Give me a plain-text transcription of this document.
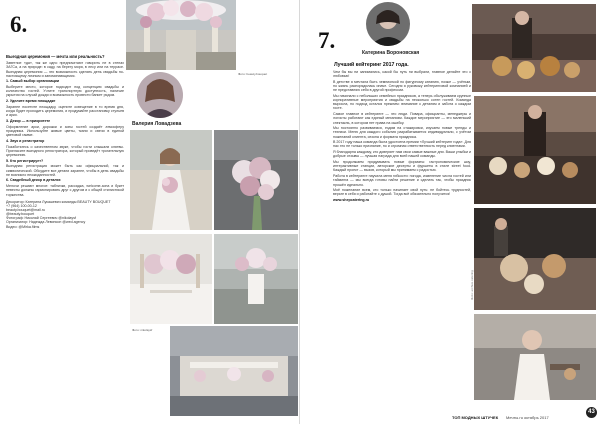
6.
Валерия Ловадзева

Выездная церемония — мечта или реальность?

Заветное «да», так же одно предпочитают говорить не в стенах ЗАГСа, а на природе: в саду, на берегу моря, в лесу или на террасе. Выездная церемония — это возможность сделать день свадьбы по-настоящему личным и запоминающимся.

1. Самый выбор организации

Выберите место, которое подходит под концепцию свадьбы и количество гостей. Учтите транспортную доступность, наличие укрытия на случай дождя и возможность провести банкет рядом.

2. Уделите время площадке

Заранее посетите площадку, оцените освещение в то время дня, когда будет проходить церемония, и продумайте расстановку стульев и арки.

3. Декор — в приоритете

Оформление арки, дорожки и зоны гостей создаёт атмосферу праздника. Используйте живые цветы, ткани и свечи в единой цветовой гамме.

4. Звук и регистратор

Позаботьтесь о качественном звуке, чтобы гости слышали клятвы. Пригласите выездного регистратора, который проведёт трогательную церемонию.

5. Кто регистрирует?

Выездная регистрация может быть как официальной, так и символической. Обсудите все детали заранее, чтобы в день свадьбы не возникло неожиданностей.

6. Свадебный декор в деталях

Мелочи решают многое: таблички, рассадка, welcome-зона и букет невесты должны гармонировать друг с другом и с общей стилистикой торжества.

Декоратор: Катерина Лукашевич команды BEAUTY BOUQUET
+7 (964) 100-00-12
beauty.bouquet@mail.ru
@beauty.bouquet
Фотограф: Николай Сергеевич @nikolaysf
Организатор: Надежда Левинсон @wed.agency
Видео: @Mirka.films
Фото: nikolaysf
Фото: beauty.bouquet
7.	Катерина Вороновская
Лучший кейтеринг 2017 года.

Чем бы вы ни занимались, какой бы путь ни выбрали, главное делайте это с любовью!

В детстве я мечтала быть чемпионкой по фигурному катанию, позже — учёным, но жизнь распорядилась иначе. Сегодня я руковожу кейтеринговой компанией и не представляю себя в другой профессии.

Мы начинали с небольших семейных праздников, а теперь обслуживаем крупные корпоративные мероприятия и свадьбы на несколько сотен гостей. Команда выросла, но подход остался прежним: внимание к деталям и забота о каждом госте.

Самое главное в кейтеринге — это люди. Повара, официанты, менеджеры и логисты работают как единый механизм. Каждое мероприятие — это маленький спектакль, в котором нет права на ошибку.

Мы постоянно развиваемся, ездим на стажировки, изучаем новые тренды и техники. Меню для каждого события разрабатывается индивидуально, с учётом пожеланий клиента, сезона и формата праздника.

В 2017 году наша команда была удостоена премии «Лучший кейтеринг года». Для нас это не только признание, но и огромная ответственность перед клиентами.

Я благодарна каждому, кто доверяет нам свои самые важные дни. Ваши улыбки и добрые отзывы — лучшая награда для всей нашей команды.

Мы продолжаем придумывать новые форматы: гастрономические шоу, интерактивные станции, авторские десерты и фуршеты в стиле street food. Каждый проект — вызов, который мы принимаем с радостью.

Работа в кейтеринге научила меня гибкости: погода, изменение числа гостей или тайминга — мы всегда готовы найти решение и сделать так, чтобы праздник прошёл идеально.

Моё пожелание всем, кто только начинает свой путь: не бойтесь трудностей, верьте в себя и работайте с душой. Тогда всё обязательно получится!

www.shepcatering.ru

Фото: archive.catering
ТОП МОДНЫХ ШТУЧЕК Мечты.ru октябрь 2017
43
